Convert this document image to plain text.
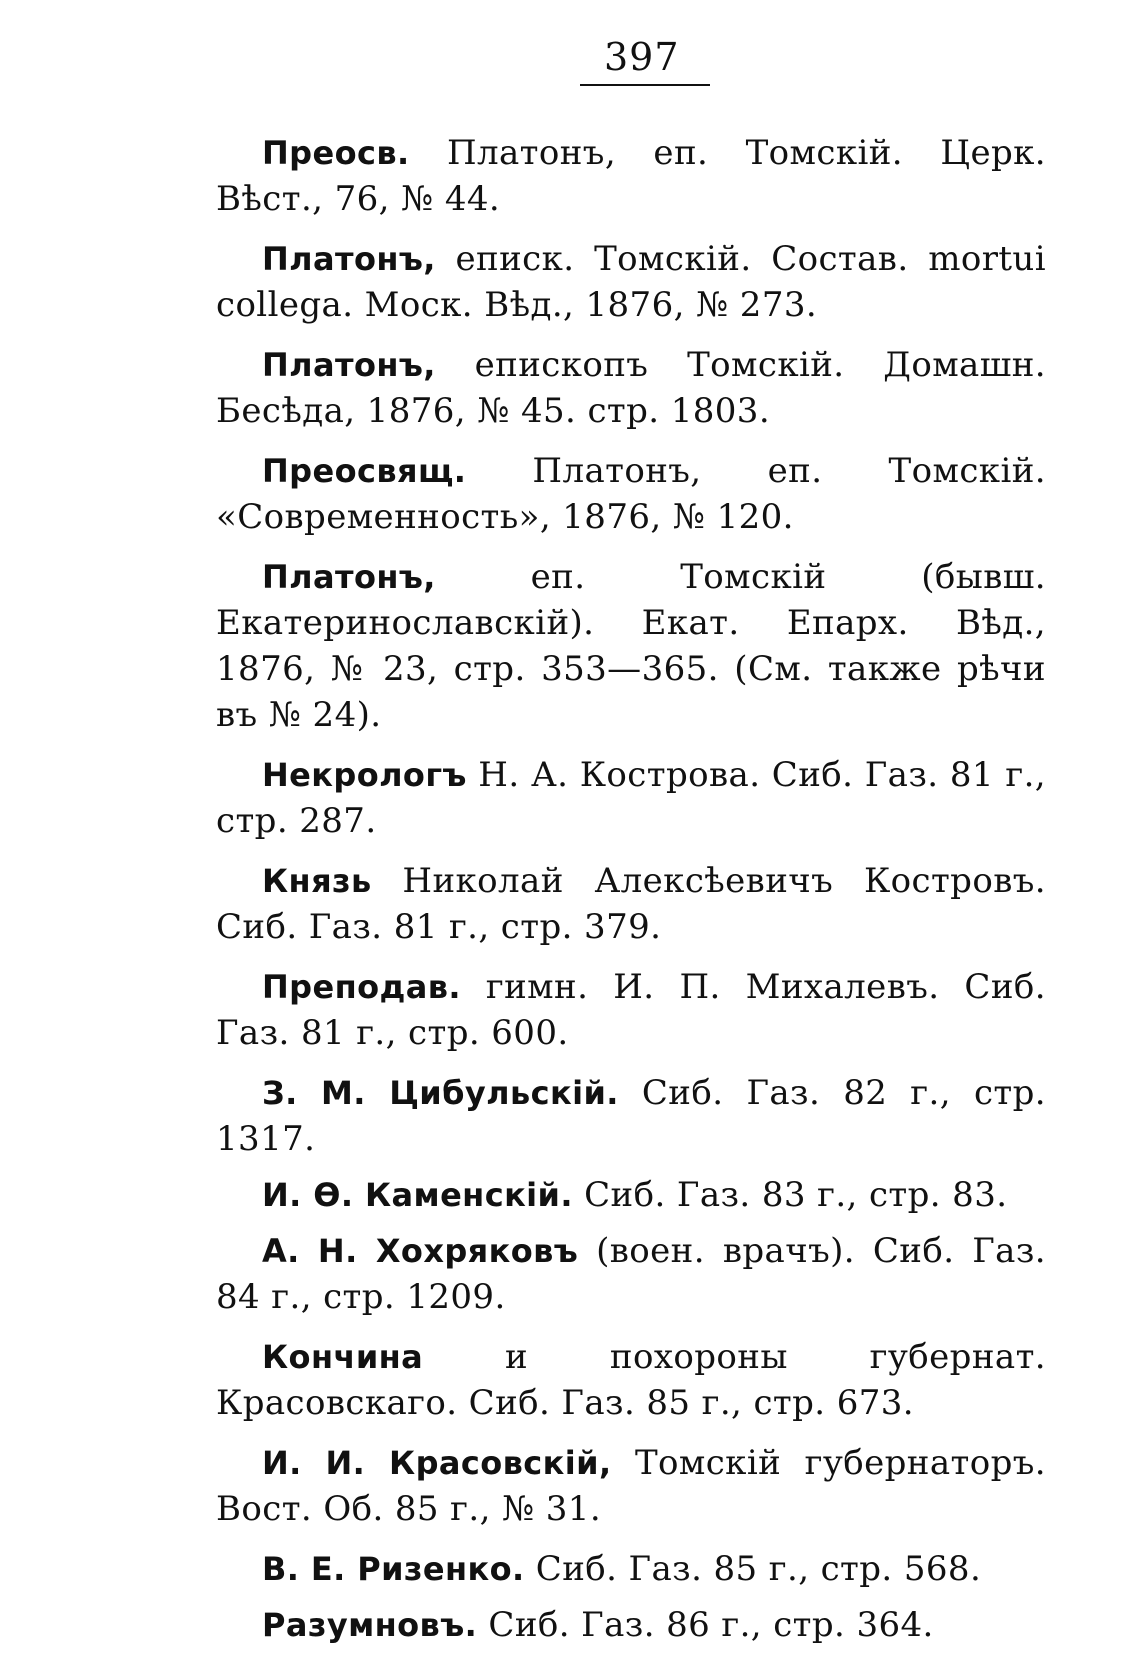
397

Преосв. Платонъ, еп. Томскій. Церк. Вѣст., 76, № 44.

Платонъ, еписк. Томскій. Состав. mortui collega. Моск. Вѣд., 1876, № 273.

Платонъ, епископъ Томскій. Домашн. Бесѣда, 1876, № 45. стр. 1803.

Преосвящ. Платонъ, еп. Томскій. «Современность», 1876, № 120.

Платонъ, еп. Томскій (бывш. Екатеринославскій). Екат. Епарх. Вѣд., 1876, № 23, стр. 353—365. (См. также рѣчи въ № 24).

Некрологъ Н. А. Кострова. Сиб. Газ. 81 г., стр. 287.

Князь Николай Алексѣевичъ Костровъ. Сиб. Газ. 81 г., стр. 379.

Преподав. гимн. И. П. Михалевъ. Сиб. Газ. 81 г., стр. 600.

З. М. Цибульскій. Сиб. Газ. 82 г., стр. 1317.

И. Ѳ. Каменскій. Сиб. Газ. 83 г., стр. 83.

А. Н. Хохряковъ (воен. врачъ). Сиб. Газ. 84 г., стр. 1209.

Кончина и похороны губернат. Красовскаго. Сиб. Газ. 85 г., стр. 673.

И. И. Красовскій, Томскій губернаторъ. Вост. Об. 85 г., № 31.

В. Е. Ризенко. Сиб. Газ. 85 г., стр. 568.

Разумновъ. Сиб. Газ. 86 г., стр. 364.
